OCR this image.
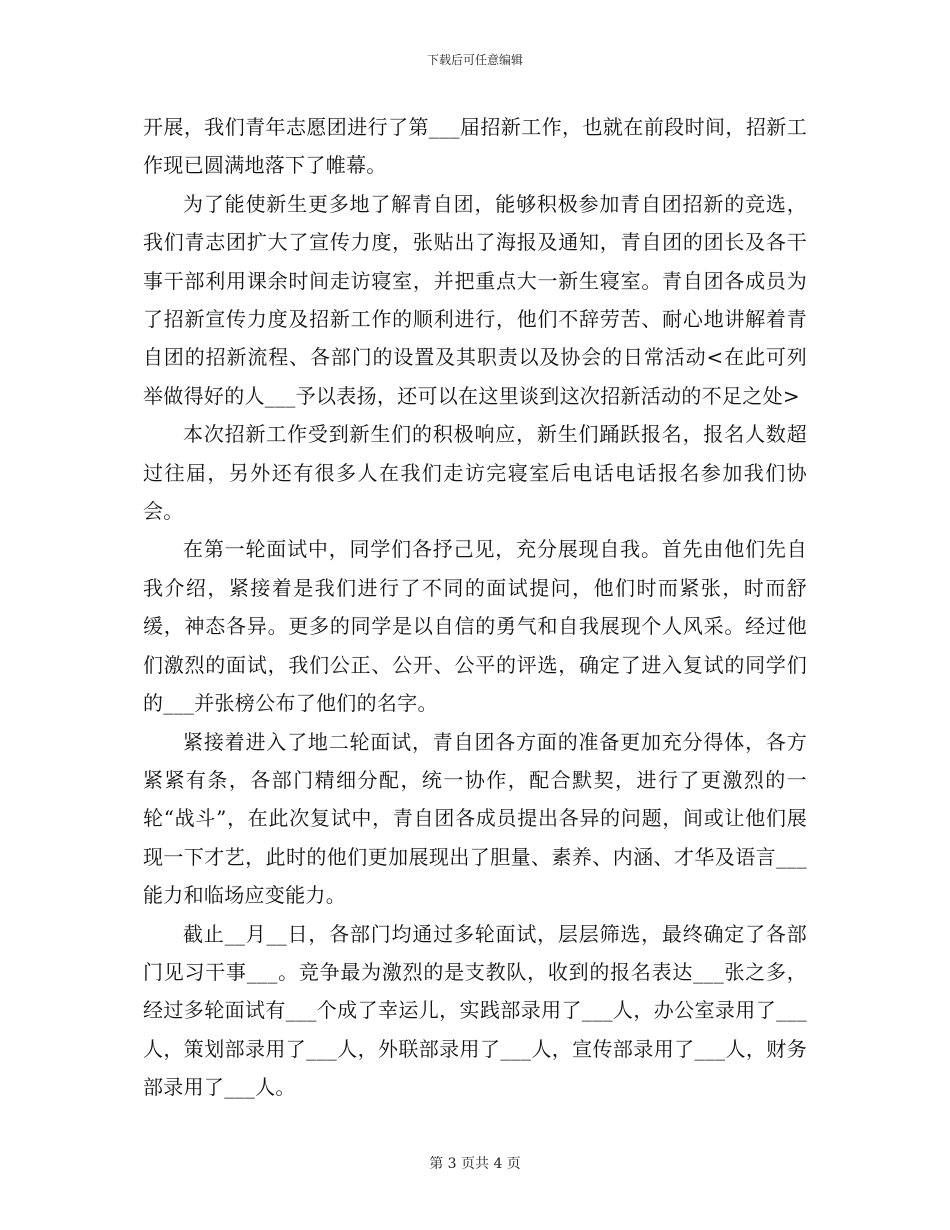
下载后可任意编辑

开展，我们青年志愿团进行了第___届招新工作，也就在前段时间，招新工作现已圆满地落下了帷幕。

为了能使新生更多地了解青自团，能够积极参加青自团招新的竞选，我们青志团扩大了宣传力度，张贴出了海报及通知，青自团的团长及各干事干部利用课余时间走访寝室，并把重点大一新生寝室。青自团各成员为了招新宣传力度及招新工作的顺利进行，他们不辞劳苦、耐心地讲解着青自团的招新流程、各部门的设置及其职责以及协会的日常活动<在此可列举做得好的人___予以表扬，还可以在这里谈到这次招新活动的不足之处>

本次招新工作受到新生们的积极响应，新生们踊跃报名，报名人数超过往届，另外还有很多人在我们走访完寝室后电话电话报名参加我们协会。

在第一轮面试中，同学们各抒己见，充分展现自我。首先由他们先自我介绍，紧接着是我们进行了不同的面试提问，他们时而紧张，时而舒缓，神态各异。更多的同学是以自信的勇气和自我展现个人风采。经过他们激烈的面试，我们公正、公开、公平的评选，确定了进入复试的同学们的___并张榜公布了他们的名字。

紧接着进入了地二轮面试，青自团各方面的准备更加充分得体，各方紧紧有条，各部门精细分配，统一协作，配合默契，进行了更激烈的一轮“战斗”，在此次复试中，青自团各成员提出各异的问题，间或让他们展现一下才艺，此时的他们更加展现出了胆量、素养、内涵、才华及语言___能力和临场应变能力。

截止__月__日，各部门均通过多轮面试，层层筛选，最终确定了各部门见习干事___。竞争最为激烈的是支教队，收到的报名表达___张之多，经过多轮面试有___个成了幸运儿，实践部录用了___人，办公室录用了___人，策划部录用了___人，外联部录用了___人，宣传部录用了___人，财务部录用了___人。

第 3 页共 4 页
